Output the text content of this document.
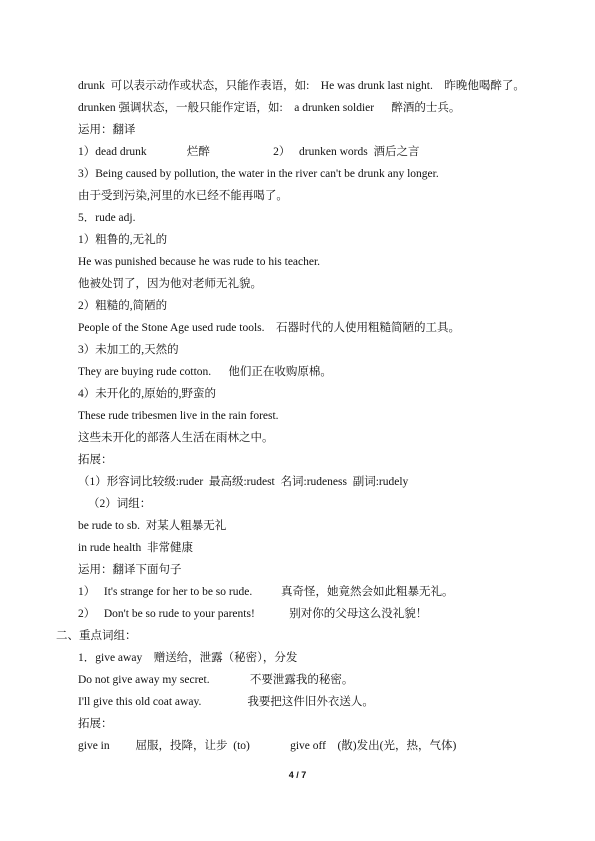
drunk  可以表示动作或状态，只能作表语，如:    He was drunk last night.    昨晚他喝醉了。

drunken 强调状态，一般只能作定语，如:    a drunken soldier      醉酒的士兵。

运用：翻译

1）dead drunk              烂醉                      2）   drunken words  酒后之言

3）Being caused by pollution, the water in the river can't be drunk any longer.

由于受到污染,河里的水已经不能再喝了。

5．rude adj.

1）粗鲁的,无礼的

He was punished because he was rude to his teacher.

他被处罚了，因为他对老师无礼貌。

2）粗糙的,简陋的

People of the Stone Age used rude tools.    石器时代的人使用粗糙简陋的工具。

3）未加工的,天然的

They are buying rude cotton.      他们正在收购原棉。

4）未开化的,原始的,野蛮的

These rude tribesmen live in the rain forest.

这些未开化的部落人生活在雨林之中。

拓展：

（1）形容词比较级:ruder  最高级:rudest  名词:rudeness  副词:rudely

（2）词组：

be rude to sb.  对某人粗暴无礼

in rude health  非常健康

运用：翻译下面句子

1）   It's strange for her to be so rude.          真奇怪，她竟然会如此粗暴无礼。

2）   Don't be so rude to your parents!            别对你的父母这么没礼貌！

二、重点词组：

1．give away    赠送给，泄露（秘密），分发

Do not give away my secret.              不要泄露我的秘密。

I'll give this old coat away.                我要把这件旧外衣送人。

拓展：

give in         屈服，投降，让步  (to)              give off    (散)发出(光，热，气体)

4 / 7
